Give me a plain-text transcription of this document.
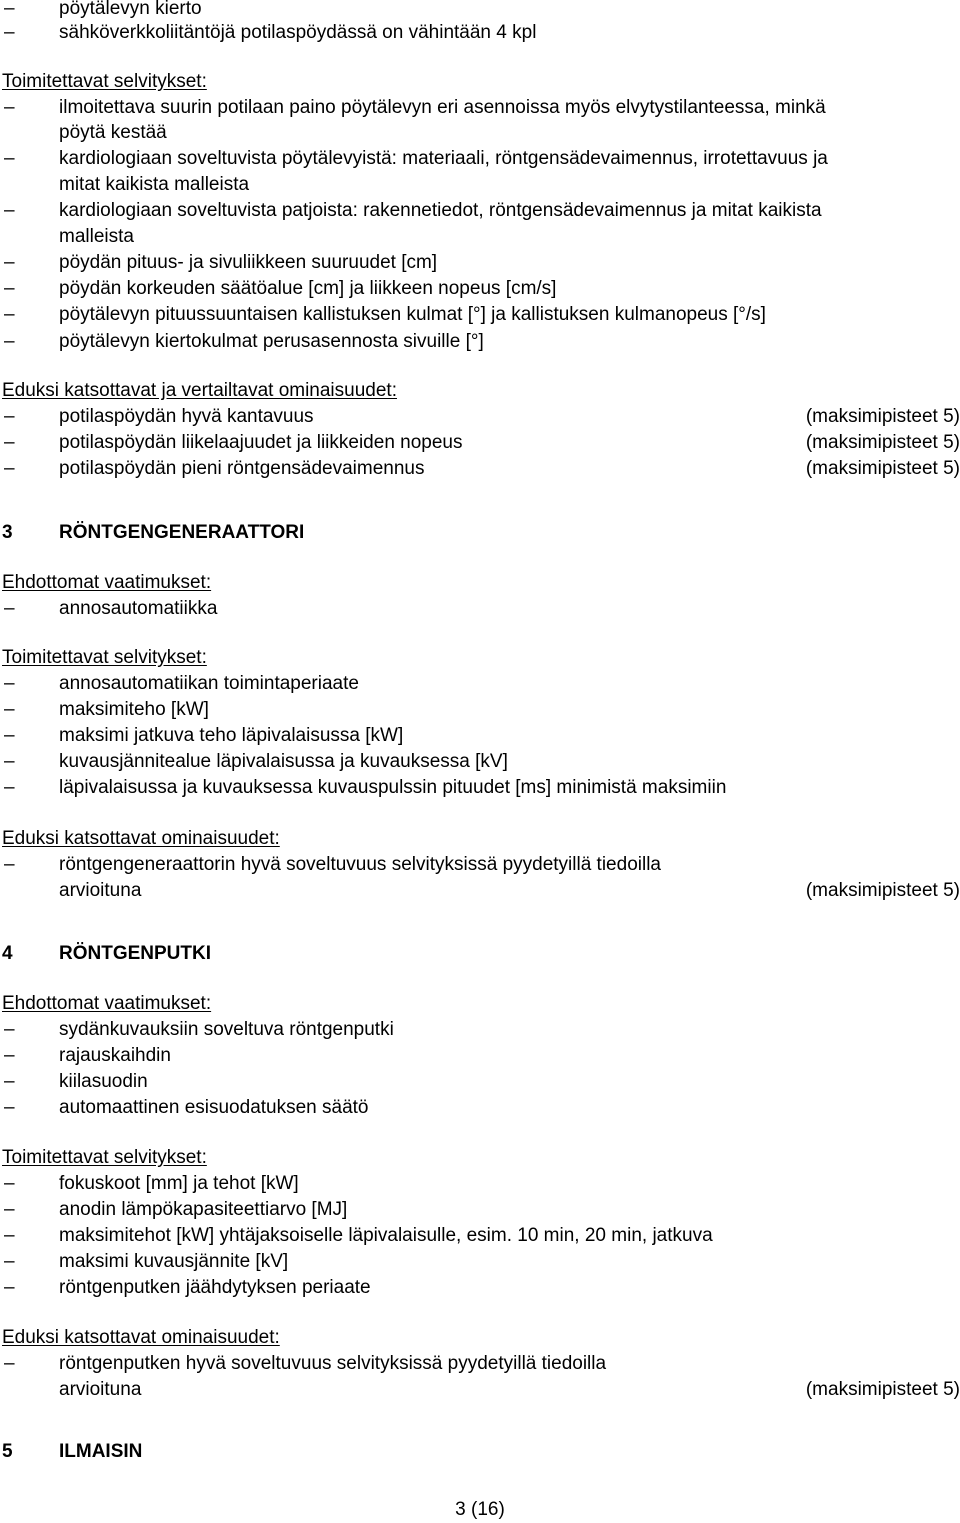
–	pöytälevyn kierto
–	sähköverkkoliitäntöjä potilaspöydässä on vähintään 4 kpl
Toimitettavat selvitykset:
–	ilmoitettava suurin potilaan paino pöytälevyn eri asennoissa myös elvytystilanteessa, minkä
pöytä kestää
–	kardiologiaan soveltuvista pöytälevyistä: materiaali, röntgensädevaimennus, irrotettavuus ja
mitat kaikista malleista
–	kardiologiaan soveltuvista patjoista: rakennetiedot, röntgensädevaimennus ja mitat kaikista
malleista
–	pöydän pituus- ja sivuliikkeen suuruudet [cm]
–	pöydän korkeuden säätöalue [cm] ja liikkeen nopeus [cm/s]
–	pöytälevyn pituussuuntaisen kallistuksen kulmat [°] ja kallistuksen kulmanopeus [°/s]
–	pöytälevyn kiertokulmat perusasennosta sivuille [°]
Eduksi katsottavat ja vertailtavat ominaisuudet:
–	potilaspöydän hyvä kantavuus	(maksimipisteet 5)
–	potilaspöydän liikelaajuudet ja liikkeiden nopeus	(maksimipisteet 5)
–	potilaspöydän pieni röntgensädevaimennus	(maksimipisteet 5)
3 RÖNTGENGENERAATTORI
Ehdottomat vaatimukset:
–	annosautomatiikka
Toimitettavat selvitykset:
–	annosautomatiikan toimintaperiaate
–	maksimiteho [kW]
–	maksimi jatkuva teho läpivalaisussa [kW]
–	kuvausjännitealue läpivalaisussa ja kuvauksessa [kV]
–	läpivalaisussa ja kuvauksessa kuvauspulssin pituudet [ms] minimistä maksimiin
Eduksi katsottavat ominaisuudet:
–	röntgengeneraattorin hyvä soveltuvuus selvityksissä pyydetyillä tiedoilla
arvioituna	(maksimipisteet 5)
4 RÖNTGENPUTKI
Ehdottomat vaatimukset:
–	sydänkuvauksiin soveltuva röntgenputki
–	rajauskaihdin
–	kiilasuodin
–	automaattinen esisuodatuksen säätö
Toimitettavat selvitykset:
–	fokuskoot [mm] ja tehot [kW]
–	anodin lämpökapasiteettiarvo [MJ]
–	maksimitehot [kW] yhtäjaksoiselle läpivalaisulle, esim. 10 min, 20 min, jatkuva
–	maksimi kuvausjännite [kV]
–	röntgenputken jäähdytyksen periaate
Eduksi katsottavat ominaisuudet:
–	röntgenputken hyvä soveltuvuus selvityksissä pyydetyillä tiedoilla
arvioituna	(maksimipisteet 5)
5 ILMAISIN
3 (16)
